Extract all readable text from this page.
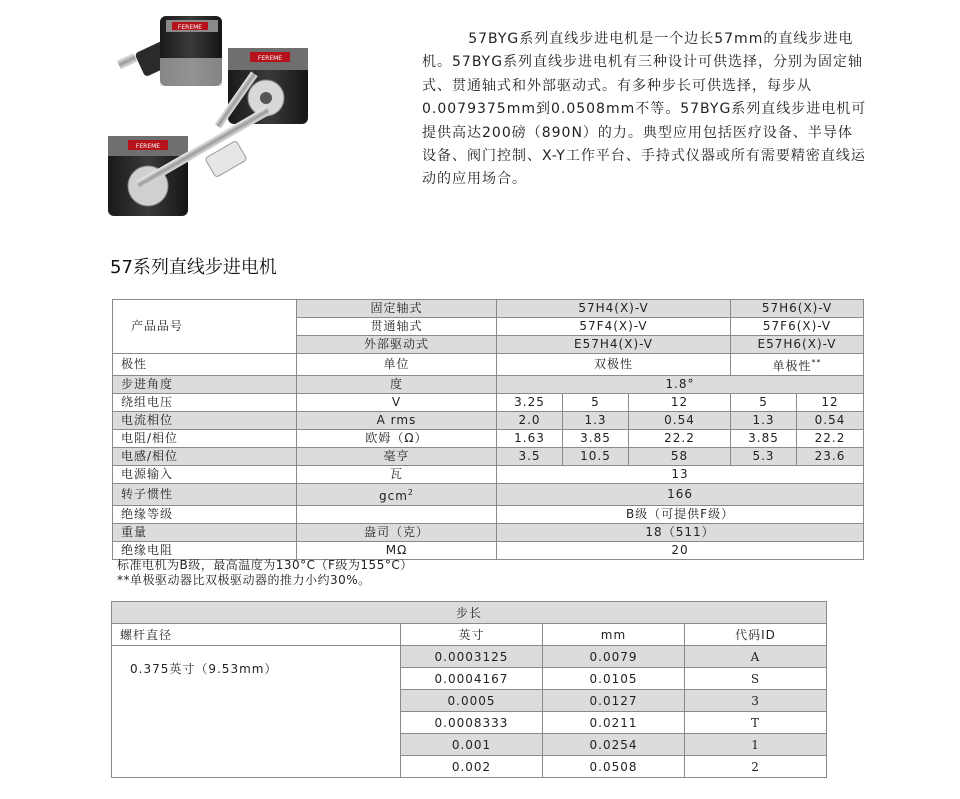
FEREME
FEREME
FEREME

57BYG系列直线步进电机是一个边长57mm的直线步进电机。57BYG系列直线步进电机有三种设计可供选择，分别为固定轴式、贯通轴式和外部驱动式。有多种步长可供选择，每步从0.0079375mm到0.0508mm不等。57BYG系列直线步进电机可提供高达200磅（890N）的力。典型应用包括医疗设备、半导体设备、阀门控制、X-Y工作平台、手持式仪器或所有需要精密直线运动的应用场合。

57系列直线步进电机
产品品号	固定轴式	57H4(X)-V			57H6(X)-V	
	贯通轴式	57F4(X)-V			57F6(X)-V	
	外部驱动式	E57H4(X)-V			E57H6(X)-V	
极性	单位	双极性			单极性**
步进角度	度	1.8°				
绕组电压	V	3.25	5	12	5	12
电流相位	A rms	2.0	1.3	0.54	1.3	0.54
电阻/相位	欧姆（Ω）	1.63	3.85	22.2	3.85	22.2
电感/相位	毫亨	3.5	10.5	58	5.3	23.6
电源输入	瓦	13				
转子惯性	gcm$^2$	166				
绝缘等级		B级（可提供F级）				
重量	盎司（克）	18（511）				
绝缘电阻	MΩ	20				
标准电机为B级，最高温度为130°C（F级为155°C）
**单极驱动器比双极驱动器的推力小约30%。
步长			
螺杆直径	英寸	mm	代码ID
0.375英寸（9.53mm）	0.0003125	0.0079	A
	0.0004167	0.0105	S
	0.0005	0.0127	3
	0.0008333	0.0211	T
	0.001	0.0254	1
	0.002	0.0508	2
